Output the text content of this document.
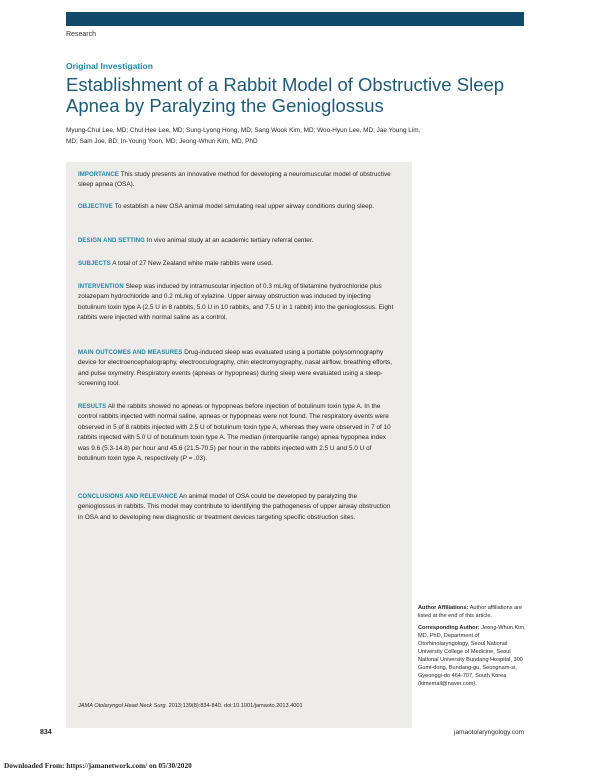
Research
Original Investigation
Establishment of a Rabbit Model of Obstructive Sleep Apnea by Paralyzing the Genioglossus
Myung-Chul Lee, MD; Chul Hee Lee, MD; Sung-Lyong Hong, MD; Sang Wook Kim, MD; Woo-Hyun Lee, MD; Jae Young Lim, MD; Sam Joe, BD; In-Young Yoon, MD; Jeong-Whun Kim, MD, PhD

IMPORTANCE This study presents an innovative method for developing a neuromuscular model of obstructive sleep apnea (OSA).

OBJECTIVE To establish a new OSA animal model simulating real upper airway conditions during sleep.

DESIGN AND SETTING In vivo animal study at an academic tertiary referral center.

SUBJECTS A total of 27 New Zealand white male rabbits were used.

INTERVENTION Sleep was induced by intramuscular injection of 0.3 mL/kg of tiletamine hydrochloride plus zolazepam hydrochloride and 0.2 mL/kg of xylazine. Upper airway obstruction was induced by injecting botulinum toxin type A (2.5 U in 8 rabbits, 5.0 U in 10 rabbits, and 7.5 U in 1 rabbit) into the genioglossus. Eight rabbits were injected with normal saline as a control.

MAIN OUTCOMES AND MEASURES Drug-induced sleep was evaluated using a portable polysomnography device for electroencephalography, electrooculography, chin electromyography, nasal airflow, breathing efforts, and pulse oxymetry. Respiratory events (apneas or hypopneas) during sleep were evaluated using a sleep-screening tool.

RESULTS All the rabbits showed no apneas or hypopneas before injection of botulinum toxin type A. In the control rabbits injected with normal saline, apneas or hypopneas were not found. The respiratory events were observed in 5 of 8 rabbits injected with 2.5 U of botulinum toxin type A, whereas they were observed in 7 of 10 rabbits injected with 5.0 U of botulinum toxin type A. The median (interquartile range) apnea hypopnea index was 9.6 (5.3-14.8) per hour and 45.6 (21.5-70.5) per hour in the rabbits injected with 2.5 U and 5.0 U of botulinum toxin type A, respectively (P = .03).

CONCLUSIONS AND RELEVANCE An animal model of OSA could be developed by paralyzing the genioglossus in rabbits. This model may contribute to identifying the pathogenesis of upper airway obstruction in OSA and to developing new diagnostic or treatment devices targeting specific obstruction sites.

JAMA Otolaryngol Head Neck Surg. 2013;139(8):834-840. doi:10.1001/jamaoto.2013.4001

Author Affiliations: Author affiliations are listed at the end of this article.

Corresponding Author: Jeong-Whun Kim, MD, PhD, Department of Otorhinolaryngology, Seoul National University College of Medicine, Seoul National University Bundang Hospital, 300 Gumi-dong, Bundang-gu, Seongnam-si, Gyeonggi-do 464-707, South Korea (kimemail@naver.com).

834	jamaotolaryngology.com
Downloaded From: https://jamanetwork.com/ on 05/30/2020
